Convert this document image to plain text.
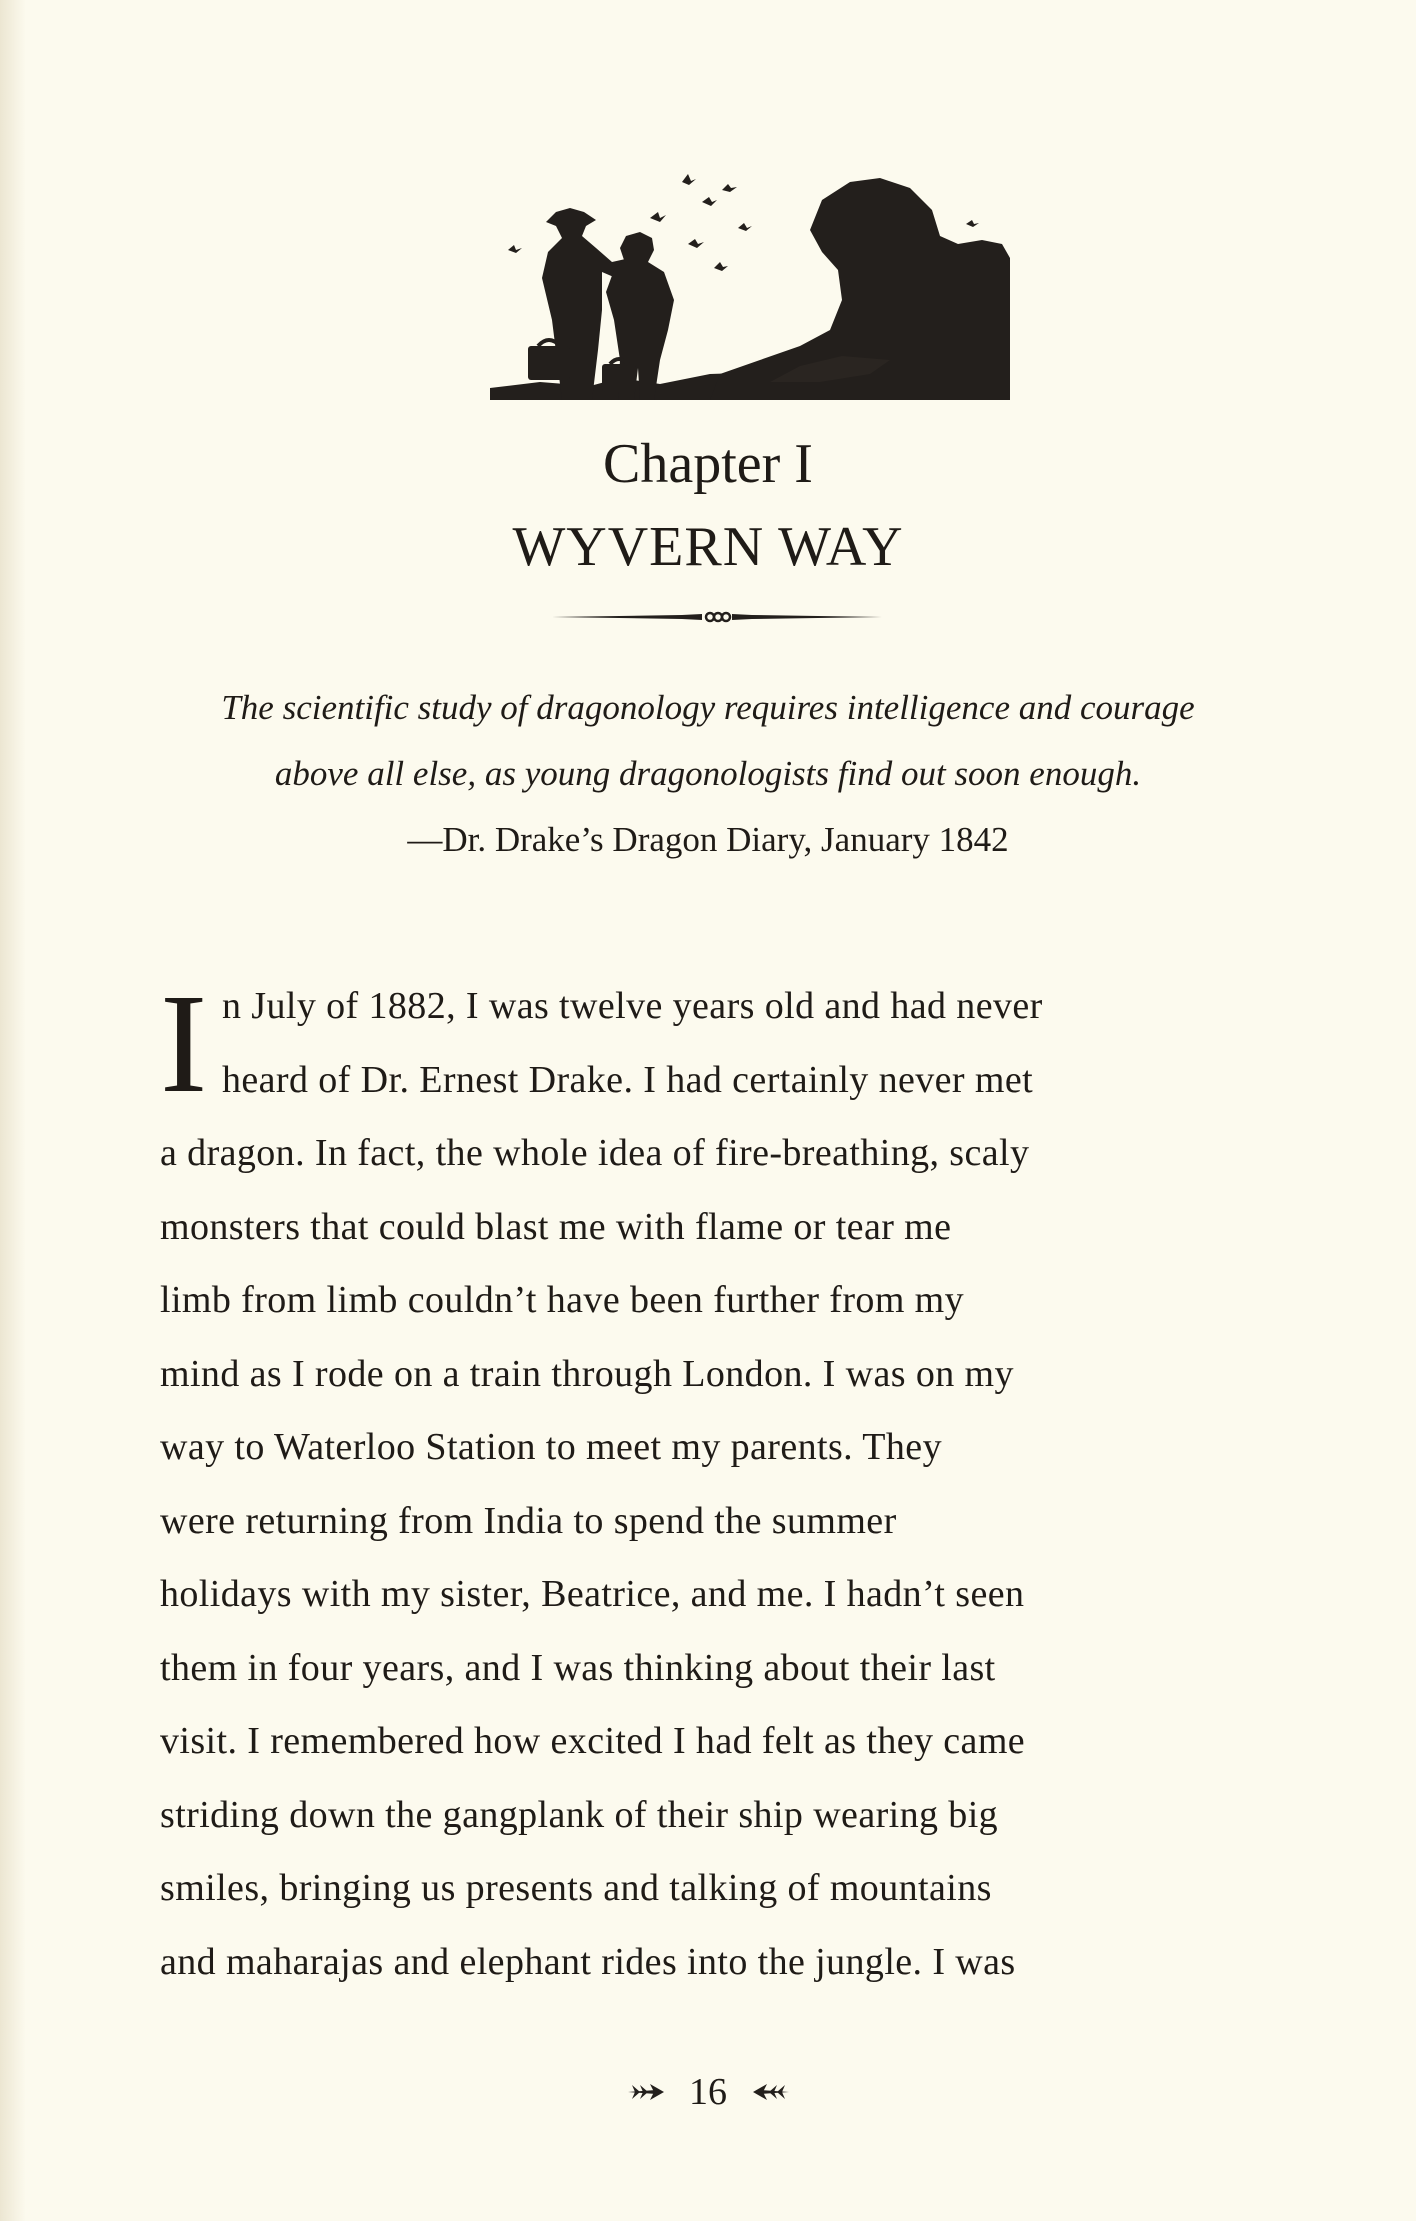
Chapter I
WYVERN WAY

The scientific study of dragonology requires intelligence and courage

above all else, as young dragonologists find out soon enough.

—Dr. Drake’s Dragon Diary, January 1842

I n July of 1882, I was twelve years old and had never
heard of Dr. Ernest Drake. I had certainly never met
a dragon. In fact, the whole idea of fire-breathing, scaly
monsters that could blast me with flame or tear me
limb from limb couldn’t have been further from my
mind as I rode on a train through London. I was on my
way to Waterloo Station to meet my parents. They
were returning from India to spend the summer
holidays with my sister, Beatrice, and me. I hadn’t seen
them in four years, and I was thinking about their last
visit. I remembered how excited I had felt as they came
striding down the gangplank of their ship wearing big
smiles, bringing us presents and talking of mountains
and maharajas and elephant rides into the jungle. I was
16
